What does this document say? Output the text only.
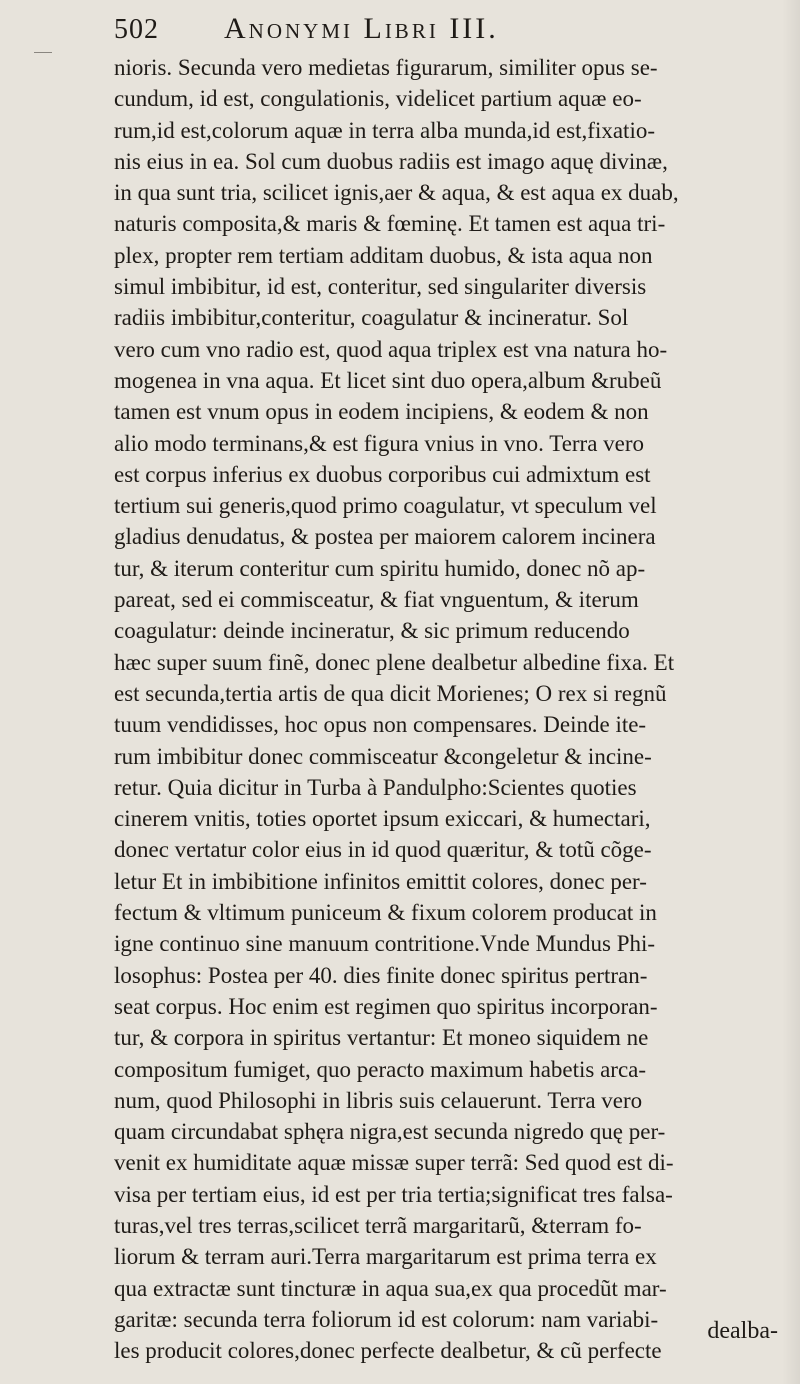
502 Anonymi Libri III.
nioris. Secunda vero medietas figurarum, similiter opus se-
cundum, id est, congulationis, videlicet partium aquæ eo-
rum,id est,colorum aquæ in terra alba munda,id est,fixatio-
nis eius in ea. Sol cum duobus radiis est imago aquę divinæ,
in qua sunt tria, scilicet ignis,aer & aqua, & est aqua ex duab,
naturis composita,& maris & fœminę. Et tamen est aqua tri-
plex, propter rem tertiam additam duobus, & ista aqua non
simul imbibitur, id est, conteritur, sed singulariter diversis
radiis imbibitur,conteritur, coagulatur & incineratur. Sol
vero cum vno radio est, quod aqua triplex est vna natura ho-
mogenea in vna aqua. Et licet sint duo opera,album &rubeũ
tamen est vnum opus in eodem incipiens, & eodem & non
alio modo terminans,& est figura vnius in vno. Terra vero
est corpus inferius ex duobus corporibus cui admixtum est
tertium sui generis,quod primo coagulatur, vt speculum vel
gladius denudatus, & postea per maiorem calorem incinera
tur, & iterum conteritur cum spiritu humido, donec nõ ap-
pareat, sed ei commisceatur, & fiat vnguentum, & iterum
coagulatur: deinde incineratur, & sic primum reducendo
hæc super suum finẽ, donec plene dealbetur albedine fixa. Et
est secunda,tertia artis de qua dicit Morienes; O rex si regnũ
tuum vendidisses, hoc opus non compensares. Deinde ite-
rum imbibitur donec commisceatur &congeletur & incine-
retur. Quia dicitur in Turba à Pandulpho:Scientes quoties
cinerem vnitis, toties oportet ipsum exiccari, & humectari,
donec vertatur color eius in id quod quæritur, & totũ cõge-
letur Et in imbibitione infinitos emittit colores, donec per-
fectum & vltimum puniceum & fixum colorem producat in
igne continuo sine manuum contritione.Vnde Mundus Phi-
losophus: Postea per 40. dies finite donec spiritus pertran-
seat corpus. Hoc enim est regimen quo spiritus incorporan-
tur, & corpora in spiritus vertantur: Et moneo siquidem ne
compositum fumiget, quo peracto maximum habetis arca-
num, quod Philosophi in libris suis celauerunt. Terra vero
quam circundabat sphęra nigra,est secunda nigredo quę per-
venit ex humiditate aquæ missæ super terrã: Sed quod est di-
visa per tertiam eius, id est per tria tertia;significat tres falsa-
turas,vel tres terras,scilicet terrã margaritarũ, &terram fo-
liorum & terram auri.Terra margaritarum est prima terra ex
qua extractæ sunt tincturæ in aqua sua,ex qua procedũt mar-
garitæ: secunda terra foliorum id est colorum: nam variabi-
les producit colores,donec perfecte dealbetur, & cũ perfecte
dealba-
